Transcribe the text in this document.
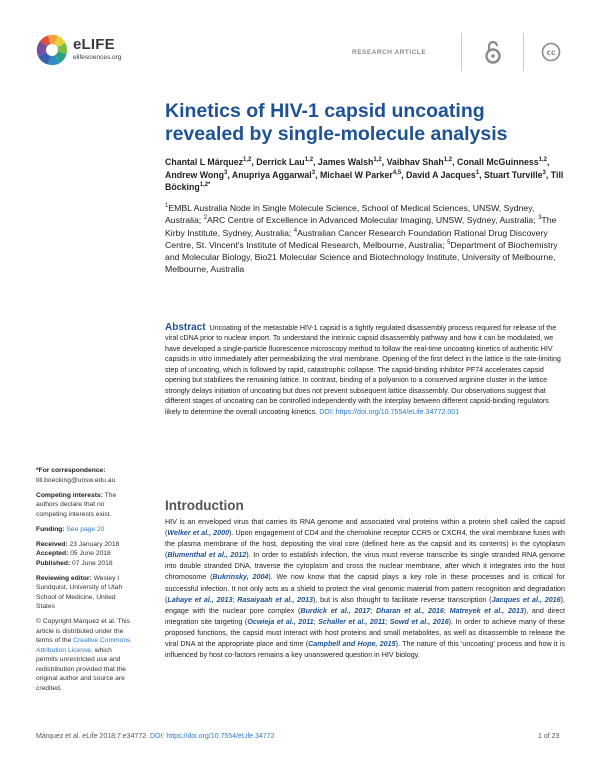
eLIFE
elifesciences.org
RESEARCH ARTICLE	cc
Kinetics of HIV-1 capsid uncoating revealed by single-molecule analysis
Chantal L Márquez$^{1,2}$, Derrick Lau$^{1,2}$, James Walsh$^{1,2}$, Vaibhav Shah$^{1,2}$, Conall McGuinness$^{1,2}$, Andrew Wong$^3$, Anupriya Aggarwal$^3$, Michael W Parker$^{4,5}$, David A Jacques$^1$, Stuart Turville$^3$, Till Böcking$^{1,2*}$
$^1$EMBL Australia Node in Single Molecule Science, School of Medical Sciences, UNSW, Sydney, Australia; $^2$ARC Centre of Excellence in Advanced Molecular Imaging, UNSW, Sydney, Australia; $^3$The Kirby Institute, Sydney, Australia; $^4$Australian Cancer Research Foundation Rational Drug Discovery Centre, St. Vincent's Institute of Medical Research, Melbourne, Australia; $^5$Department of Biochemistry and Molecular Biology, Bio21 Molecular Science and Biotechnology Institute, University of Melbourne, Melbourne, Australia
Abstract Uncoating of the metastable HIV-1 capsid is a tightly regulated disassembly process required for release of the viral cDNA prior to nuclear import. To understand the intrinsic capsid disassembly pathway and how it can be modulated, we have developed a single-particle fluorescence microscopy method to follow the real-time uncoating kinetics of authentic HIV capsids in vitro immediately after permeabilizing the viral membrane. Opening of the first defect in the lattice is the rate-limiting step of uncoating, which is followed by rapid, catastrophic collapse. The capsid-binding inhibitor PF74 accelerates capsid opening but stabilizes the remaining lattice. In contrast, binding of a polyanion to a conserved arginine cluster in the lattice strongly delays initiation of uncoating but does not prevent subsequent lattice disassembly. Our observations suggest that different stages of uncoating can be controlled independently with the interplay between different capsid-binding regulators likely to determine the overall uncoating kinetics. DOI: https://doi.org/10.7554/eLife.34772.001
*For correspondence:
till.boecking@unsw.edu.au
Competing interests: The authors declare that no competing interests exist.
Funding: See page 20
Received: 23 January 2018
Accepted: 05 June 2018
Published: 07 June 2018
Reviewing editor: Wesley I Sundquist, University of Utah School of Medicine, United States
© Copyright Márquez et al. This article is distributed under the terms of the Creative Commons Attribution License, which permits unrestricted use and redistribution provided that the original author and source are credited.
Introduction
HIV is an enveloped virus that carries its RNA genome and associated viral proteins within a protein shell called the capsid (Welker et al., 2000). Upon engagement of CD4 and the chemokine receptor CCR5 or CXCR4, the viral membrane fuses with the plasma membrane of the host, depositing the viral core (defined here as the capsid and its contents) in the cytoplasm (Blumenthal et al., 2012). In order to establish infection, the virus must reverse transcribe its single stranded RNA genome into double stranded DNA, traverse the cytoplasm and cross the nuclear membrane, after which it integrates into the host chromosome (Bukrinsky, 2004). We now know that the capsid plays a key role in these processes and is critical for successful infection. It not only acts as a shield to protect the viral genomic material from pattern recognition and degradation (Lahaye et al., 2013; Rasaiyaah et al., 2013), but is also thought to facilitate reverse transcription (Jacques et al., 2016), engage with the nuclear pore complex (Burdick et al., 2017; Dharan et al., 2016; Matreyek et al., 2013), and direct integration site targeting (Ocwieja et al., 2011; Schaller et al., 2011; Sowd et al., 2016). In order to achieve many of these proposed functions, the capsid must interact with host proteins and small metabolites, as well as disassemble to release the viral DNA at the appropriate place and time (Campbell and Hope, 2015). The nature of this 'uncoating' process and how it is influenced by host co-factors remains a key unanswered question in HIV biology.
Márquez et al. eLife 2018;7:e34772. DOI: https://doi.org/10.7554/eLife.34772	1 of 23
